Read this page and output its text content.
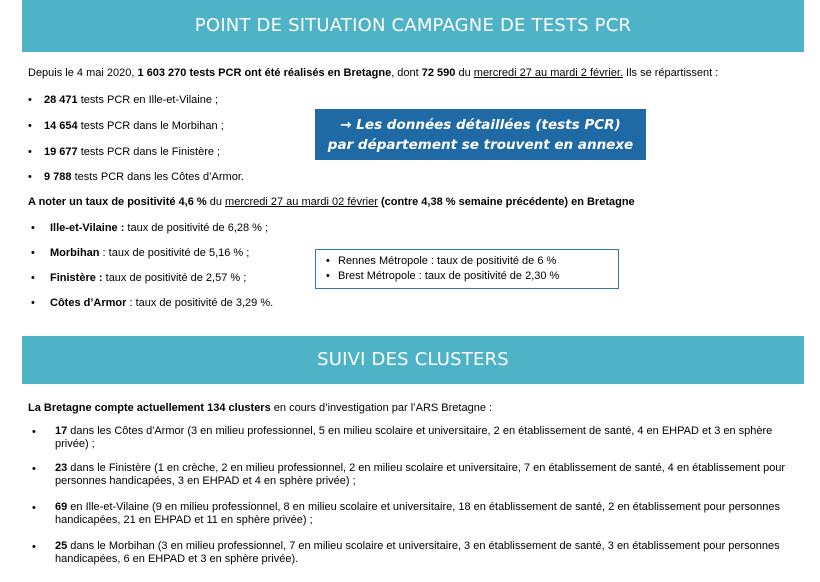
POINT DE SITUATION CAMPAGNE DE TESTS PCR
Depuis le 4 mai 2020, 1 603 270 tests PCR ont été réalisés en Bretagne, dont 72 590 du mercredi 27 au mardi 2 février. Ils se répartissent :
• 28 471 tests PCR en Ille-et-Vilaine ;
• 14 654 tests PCR dans le Morbihan ;
• 19 677 tests PCR dans le Finistère ;
• 9 788 tests PCR dans les Côtes d’Armor.
→ Les données détaillées (tests PCR)
par département se trouvent en annexe
A noter un taux de positivité 4,6 % du mercredi 27 au mardi 02 février (contre 4,38 % semaine précédente) en Bretagne
• Ille-et-Vilaine : taux de positivité de 6,28 % ;
• Morbihan : taux de positivité de 5,16 % ;
• Finistère : taux de positivité de 2,57 % ;
• Côtes d’Armor : taux de positivité de 3,29 %.
• Rennes Métropole : taux de positivité de 6 %
• Brest Métropole : taux de positivité de 2,30 %
SUIVI DES CLUSTERS
La Bretagne compte actuellement 134 clusters en cours d’investigation par l’ARS Bretagne :
• 17 dans les Côtes d'Armor (3 en milieu professionnel, 5 en milieu scolaire et universitaire, 2 en établissement de santé, 4 en EHPAD et 3 en sphère privée) ;
• 23 dans le Finistère (1 en crèche, 2 en milieu professionnel, 2 en milieu scolaire et universitaire, 7 en établissement de santé, 4 en établissement pour personnes handicapées, 3 en EHPAD et 4 en sphère privée) ;
• 69 en Ille-et-Vilaine (9 en milieu professionnel, 8 en milieu scolaire et universitaire, 18 en établissement de santé, 2 en établissement pour personnes handicapées, 21 en EHPAD et 11 en sphère privée) ;
• 25 dans le Morbihan (3 en milieu professionnel, 7 en milieu scolaire et universitaire, 3 en établissement de santé, 3 en établissement pour personnes handicapées, 6 en EHPAD et 3 en sphère privée).
